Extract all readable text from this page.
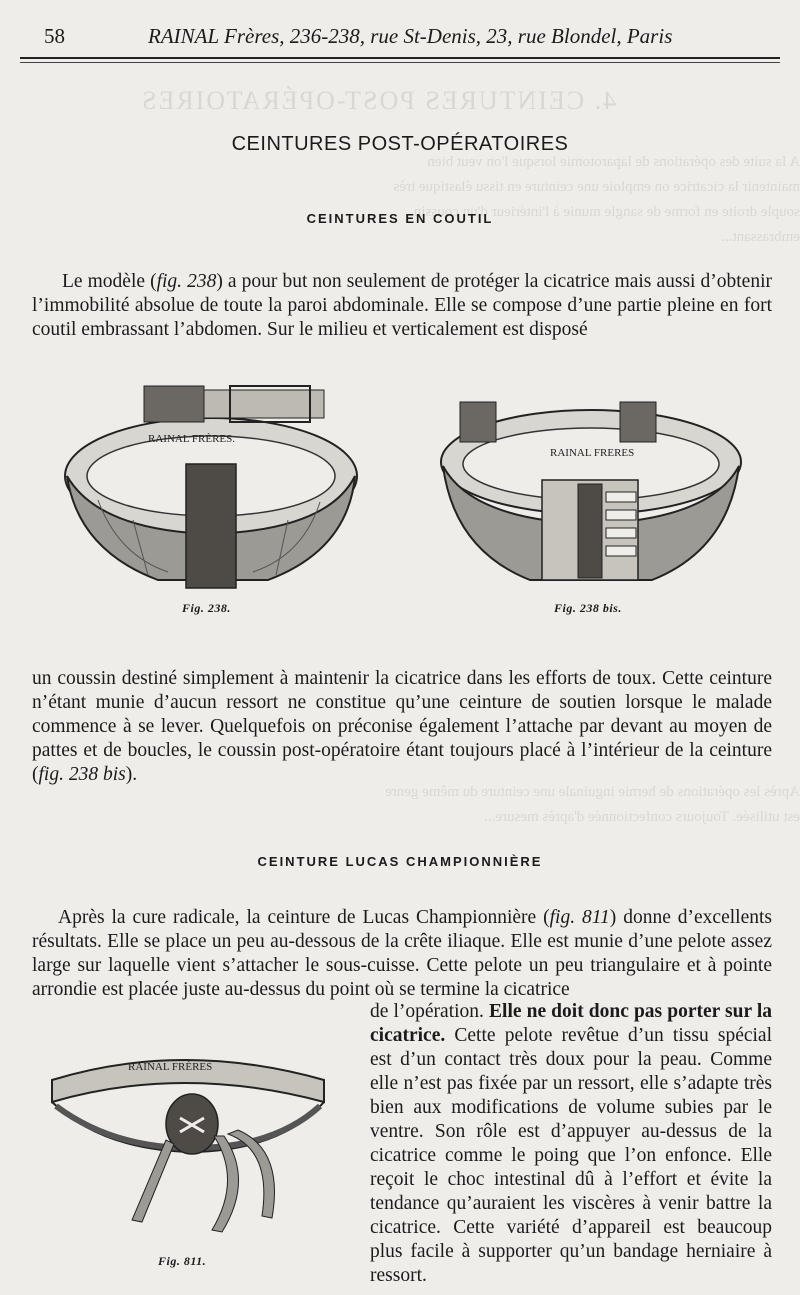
4. CEINTURES POST-OPÉRATOIRES
A la suite des opérations de laparotomie lorsque l'on veut bien maintenir la cicatrice on emploie une ceinture en tissu élastique très souple droite en forme de sangle munie à l'intérieur d'un coussin embrassant...
Après les opérations de hernie inguinale une ceinture du même genre est utilisée. Toujours confectionnée d'après mesure...
58	RAINAL Frères, 236-238, rue St-Denis, 23, rue Blondel, Paris
CEINTURES POST-OPÉRATOIRES
CEINTURES EN COUTIL
Le modèle (fig. 238) a pour but non seulement de protéger la cicatrice mais aussi d’obtenir l’immobilité absolue de toute la paroi abdominale. Elle se compose d’une partie pleine en fort coutil embrassant l’abdomen. Sur le milieu et verticalement est disposé
RAINAL FRÈRES.
Fig. 238.
RAINAL FRERES
Fig. 238 bis.
un coussin destiné simplement à maintenir la cicatrice dans les efforts de toux. Cette ceinture n’étant munie d’aucun ressort ne constitue qu’une ceinture de soutien lorsque le malade commence à se lever. Quelquefois on préconise également l’attache par devant au moyen de pattes et de boucles, le coussin post-opératoire étant toujours placé à l’intérieur de la ceinture (fig. 238 bis).
CEINTURE LUCAS CHAMPIONNIÈRE
Après la cure radicale, la ceinture de Lucas Championnière (fig. 811) donne d’excellents résultats. Elle se place un peu au-dessous de la crête iliaque. Elle est munie d’une pelote assez large sur laquelle vient s’attacher le sous-cuisse. Cette pelote un peu triangulaire et à pointe arrondie est placée juste au-dessus du point où se termine la cicatrice
de l’opération. Elle ne doit donc pas porter sur la cicatrice. Cette pelote revêtue d’un tissu spécial est d’un contact très doux pour la peau. Comme elle n’est pas fixée par un ressort, elle s’adapte très bien aux modifications de volume subies par le ventre. Son rôle est d’appuyer au-dessus de la cicatrice comme le poing que l’on enfonce. Elle reçoit le choc intestinal dû à l’effort et évite la tendance qu’auraient les viscères à venir battre la cicatrice. Cette variété d’appareil est beaucoup plus facile à supporter qu’un bandage herniaire à ressort.
RAINAL FRÈRES
Fig. 811.
